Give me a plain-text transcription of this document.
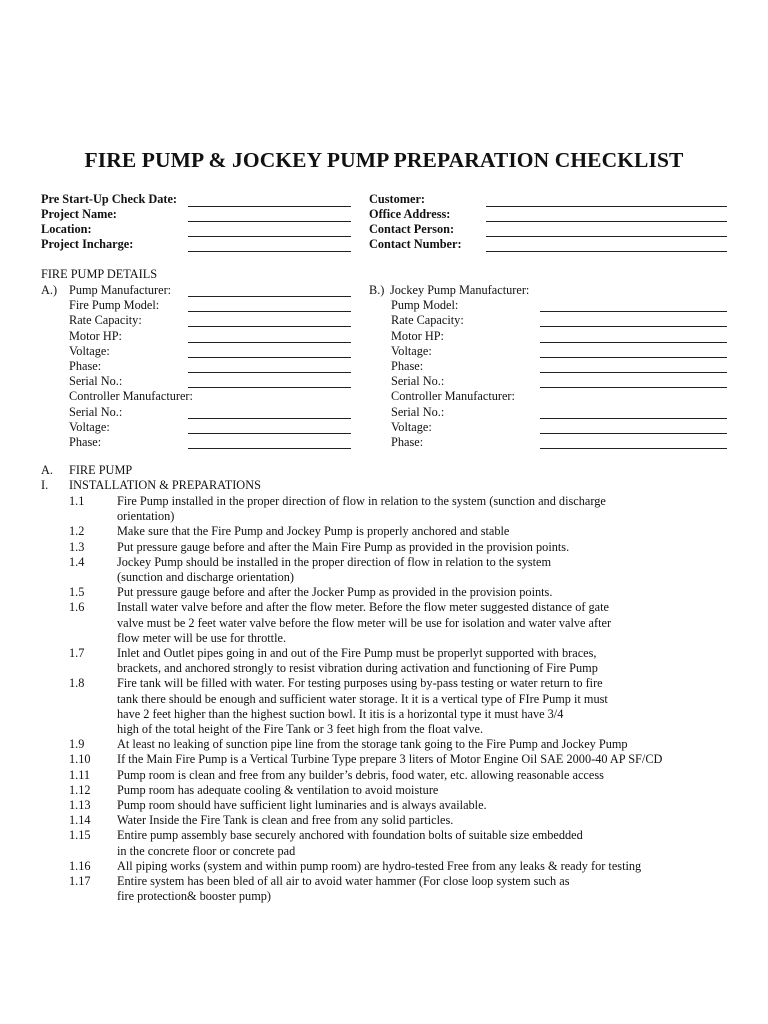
FIRE PUMP & JOCKEY PUMP PREPARATION CHECKLIST
Pre Start-Up Check Date:
Project Name:
Location:
Project Incharge:
Customer:
Office Address:
Contact Person:
Contact Number:
FIRE PUMP DETAILS
A.)	B.)
Pump Manufacturer:
Fire Pump Model:
Rate Capacity:
Motor HP:
Voltage:
Phase:
Serial No.:
Controller Manufacturer:
Serial No.:
Voltage:
Phase:
Jockey Pump Manufacturer:
Pump Model:
Rate Capacity:
Motor HP:
Voltage:
Phase:
Serial No.:
Controller Manufacturer:
Serial No.:
Voltage:
Phase:
A. FIRE PUMP
I. INSTALLATION & PREPARATIONS
1.1	Fire Pump installed in the proper direction of flow in relation to the system (sunction and discharge
orientation)
1.2	Make sure that the Fire Pump and Jockey Pump is properly anchored and stable
1.3	Put pressure gauge before and after the Main Fire Pump as provided in the provision points.
1.4	Jockey Pump should be installed in the proper direction of flow in relation to the system
(sunction and discharge orientation)
1.5	Put pressure gauge before and after the Jocker Pump as provided in the provision points.
1.6	Install water valve before and after the flow meter. Before the flow meter suggested distance of gate
valve must be 2 feet water valve before the flow meter will be use for isolation and water valve after
flow meter will be use for throttle.
1.7	Inlet and Outlet pipes going in and out of the Fire Pump must be properlyt supported with braces,
brackets, and anchored strongly to resist vibration during activation and functioning of Fire Pump
1.8	Fire tank will be filled with water. For testing purposes using by-pass testing or water return to fire
tank there should be enough and sufficient water storage. It it is a vertical type of FIre Pump it must
have 2 feet higher than the highest suction bowl. It itis is a horizontal type it must have 3/4
high of the total height of the Fire Tank or 3 feet high from the float valve.
1.9	At least no leaking of sunction pipe line from the storage tank going to the Fire Pump and Jockey Pump
1.10 If the Main Fire Pump is a Vertical Turbine Type prepare 3 liters of Motor Engine Oil SAE 2000-40 AP SF/CD
1.11 Pump room is clean and free from any builder’s debris, food water, etc. allowing reasonable access
1.12 Pump room has adequate cooling & ventilation to avoid moisture
1.13 Pump room should have sufficient light luminaries and is always available.
1.14 Water Inside the Fire Tank is clean and free from any solid particles.
1.15 Entire pump assembly base securely anchored with foundation bolts of suitable size embedded
in the concrete floor or concrete pad
1.16 All piping works (system and within pump room) are hydro-tested Free from any leaks & ready for testing
1.17 Entire system has been bled of all air to avoid water hammer (For close loop system such as
fire protection& booster pump)
